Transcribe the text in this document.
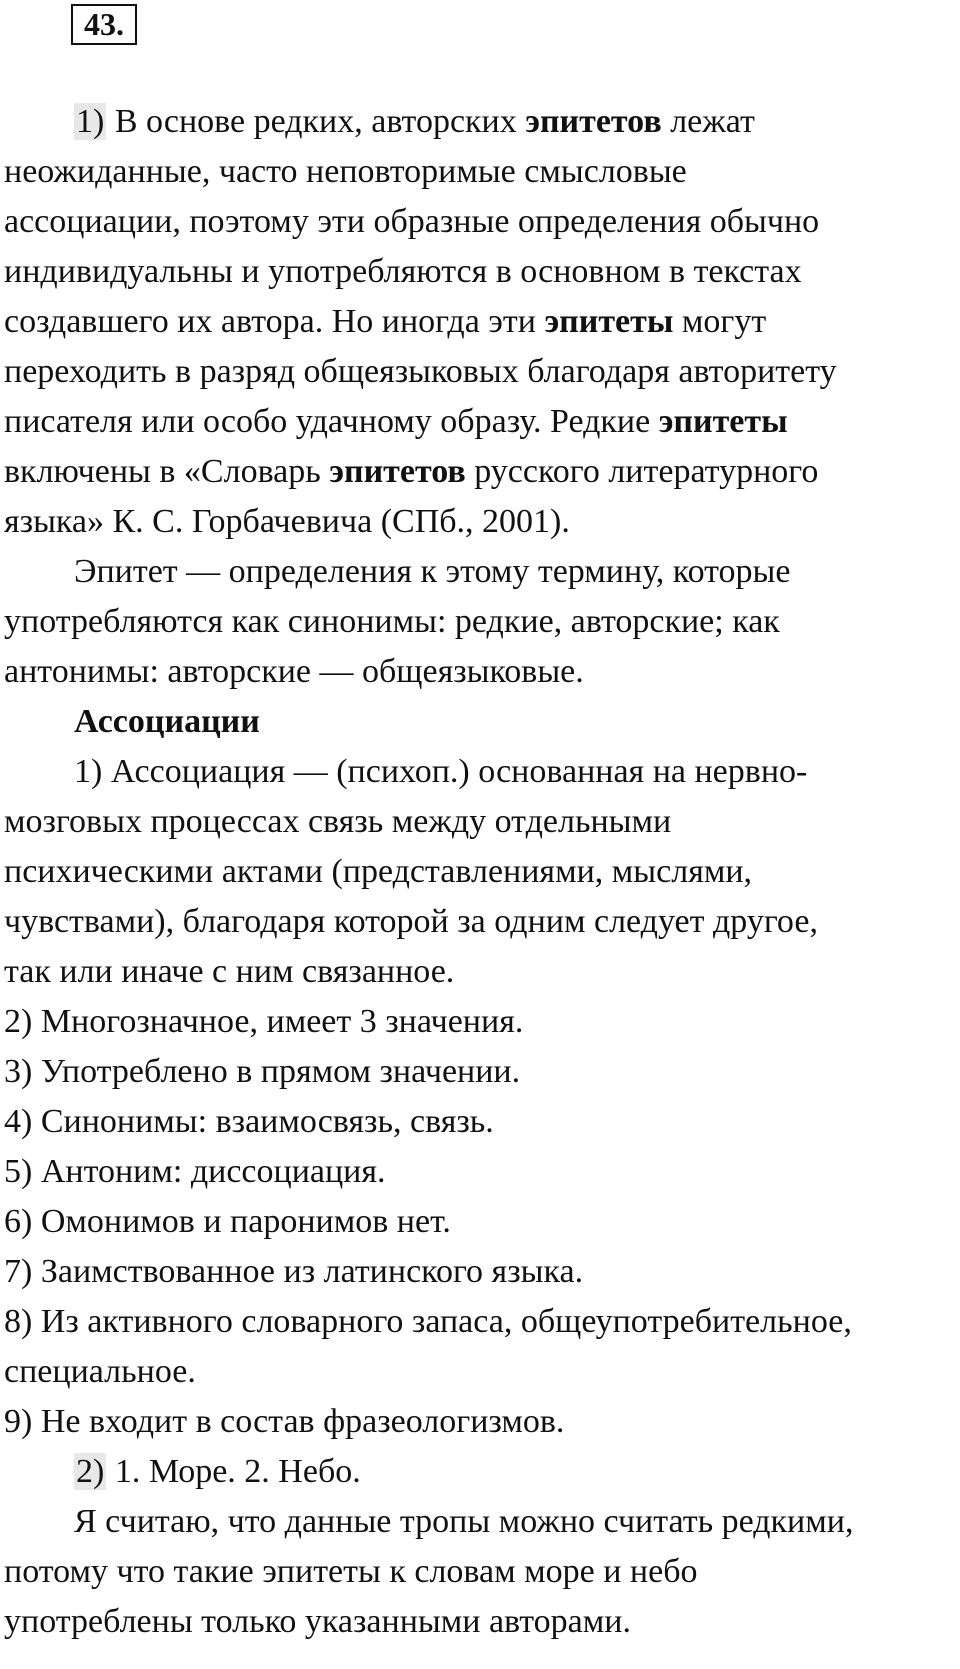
43.
1) В основе редких, авторских эпитетов лежат
неожиданные, часто неповторимые смысловые
ассоциации, поэтому эти образные определения обычно
индивидуальны и употребляются в основном в текстах
создавшего их автора. Но иногда эти эпитеты могут
переходить в разряд общеязыковых благодаря авторитету
писателя или особо удачному образу. Редкие эпитеты
включены в «Словарь эпитетов русского литературного
языка» К. С. Горбачевича (СПб., 2001).
Эпитет — определения к этому термину, которые
употребляются как синонимы: редкие, авторские; как
антонимы: авторские — общеязыковые.
Ассоциации
1) Ассоциация — (психоп.) основанная на нервно-
мозговых процессах связь между отдельными
психическими актами (представлениями, мыслями,
чувствами), благодаря которой за одним следует другое,
так или иначе с ним связанное.
2) Многозначное, имеет 3 значения.
3) Употреблено в прямом значении.
4) Синонимы: взаимосвязь, связь.
5) Антоним: диссоциация.
6) Омонимов и паронимов нет.
7) Заимствованное из латинского языка.
8) Из активного словарного запаса, общеупотребительное,
специальное.
9) Не входит в состав фразеологизмов.
2) 1. Море. 2. Небо.
Я считаю, что данные тропы можно считать редкими,
потому что такие эпитеты к словам море и небо
употреблены только указанными авторами.
